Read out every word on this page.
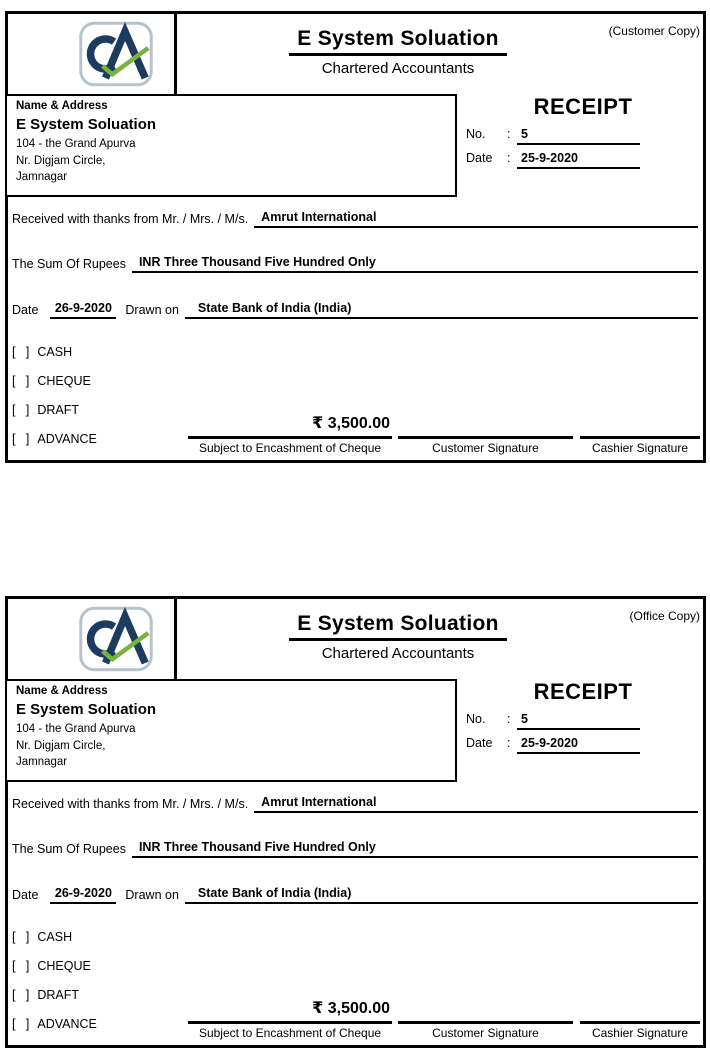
(Customer Copy)
E System Soluation
Chartered Accountants
Name & Address
E System Soluation
104 - the Grand Apurva
Nr. Digjam Circle,
Jamnagar
RECEIPT
No.	: 5
Date	: 25-9-2020
Received with thanks from Mr. / Mrs. / M/s.	Amrut International
The Sum Of Rupees	INR Three Thousand Five Hundred Only
Date	26-9-2020	Drawn on	State Bank of India (India)
[   ] CASH
[   ] CHEQUE
[   ] DRAFT
[   ] ADVANCE
₹ 3,500.00
Subject to Encashment of Cheque	Customer Signature	Cashier Signature
(Office Copy)
E System Soluation
Chartered Accountants
Name & Address
E System Soluation
104 - the Grand Apurva
Nr. Digjam Circle,
Jamnagar
RECEIPT
No.	: 5
Date	: 25-9-2020
Received with thanks from Mr. / Mrs. / M/s.	Amrut International
The Sum Of Rupees	INR Three Thousand Five Hundred Only
Date	26-9-2020	Drawn on	State Bank of India (India)
[   ] CASH
[   ] CHEQUE
[   ] DRAFT
[   ] ADVANCE
₹ 3,500.00
Subject to Encashment of Cheque	Customer Signature	Cashier Signature
